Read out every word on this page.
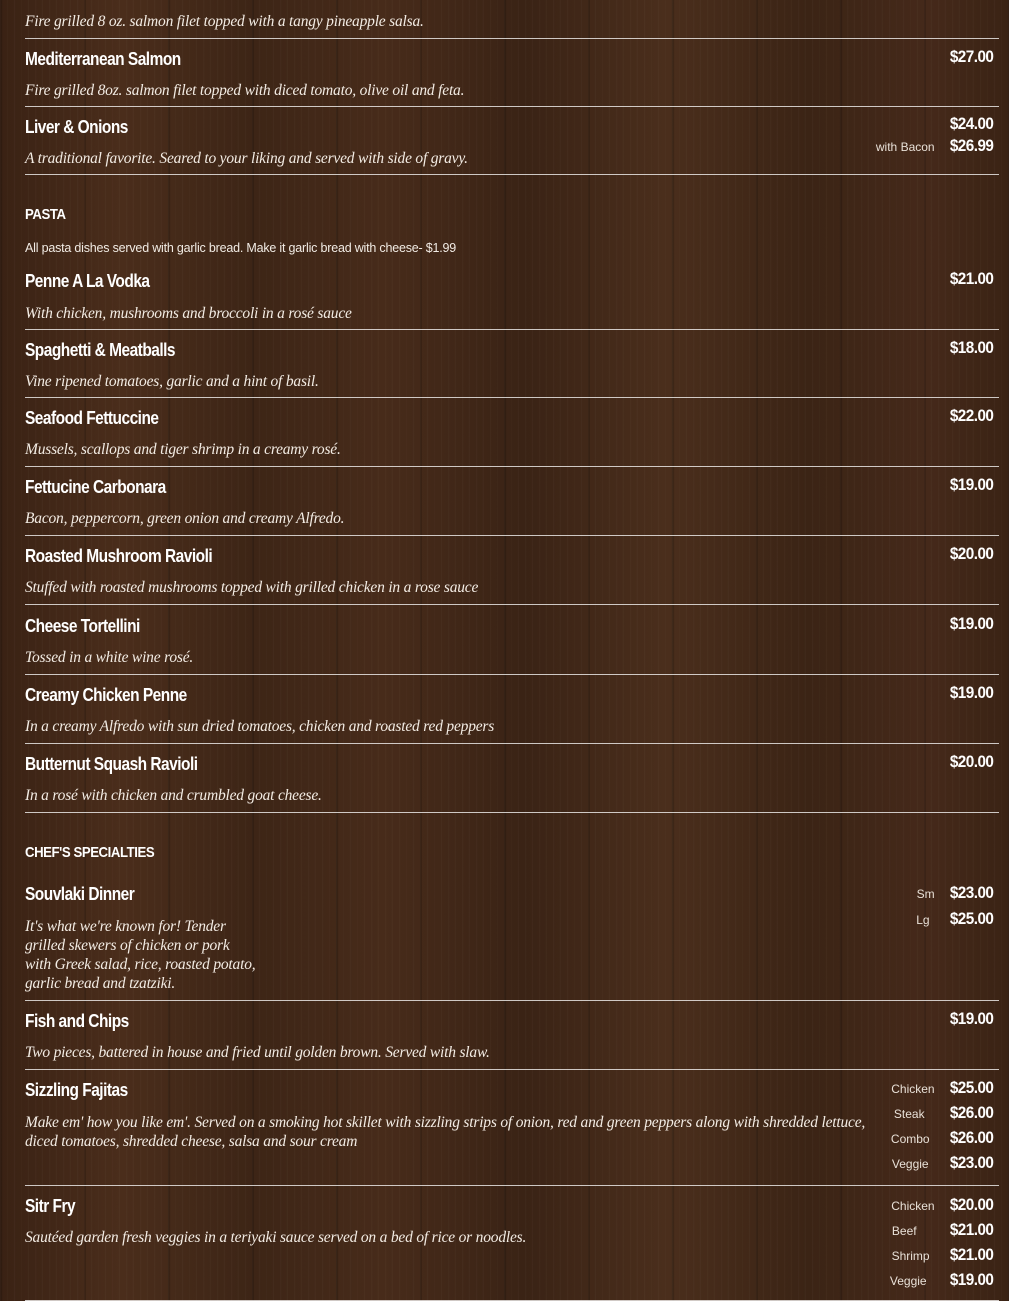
Fire grilled 8 oz. salmon filet topped with a tangy pineapple salsa.
Mediterranean Salmon
Fire grilled 8oz. salmon filet topped with diced tomato, olive oil and feta.
$27.00
Liver & Onions
A traditional favorite. Seared to your liking and served with side of gravy.
$24.00
with Bacon $26.99
PASTA
All pasta dishes served with garlic bread. Make it garlic bread with cheese- $1.99
Penne A La Vodka
With chicken, mushrooms and broccoli in a rosé sauce
$21.00
Spaghetti & Meatballs
Vine ripened tomatoes, garlic and a hint of basil.
$18.00
Seafood Fettuccine
Mussels, scallops and tiger shrimp in a creamy rosé.
$22.00
Fettucine Carbonara
Bacon, peppercorn, green onion and creamy Alfredo.
$19.00
Roasted Mushroom Ravioli
Stuffed with roasted mushrooms topped with grilled chicken in a rose sauce
$20.00
Cheese Tortellini
Tossed in a white wine rosé.
$19.00
Creamy Chicken Penne
In a creamy Alfredo with sun dried tomatoes, chicken and roasted red peppers
$19.00
Butternut Squash Ravioli
In a rosé with chicken and crumbled goat cheese.
$20.00
CHEF'S SPECIALTIES
Souvlaki Dinner
It's what we're known for! Tender
grilled skewers of chicken or pork
with Greek salad, rice, roasted potato,
garlic bread and tzatziki.
Sm $23.00
Lg $25.00
Fish and Chips
Two pieces, battered in house and fried until golden brown. Served with slaw.
$19.00
Sizzling Fajitas
Make em' how you like em'. Served on a smoking hot skillet with sizzling strips of onion, red and green peppers along with shredded lettuce, diced tomatoes, shredded cheese, salsa and sour cream
Chicken $25.00
Steak $26.00
Combo $26.00
Veggie $23.00
Sitr Fry
Sautéed garden fresh veggies in a teriyaki sauce served on a bed of rice or noodles.
Chicken $20.00
Beef $21.00
Shrimp $21.00
Veggie $19.00
